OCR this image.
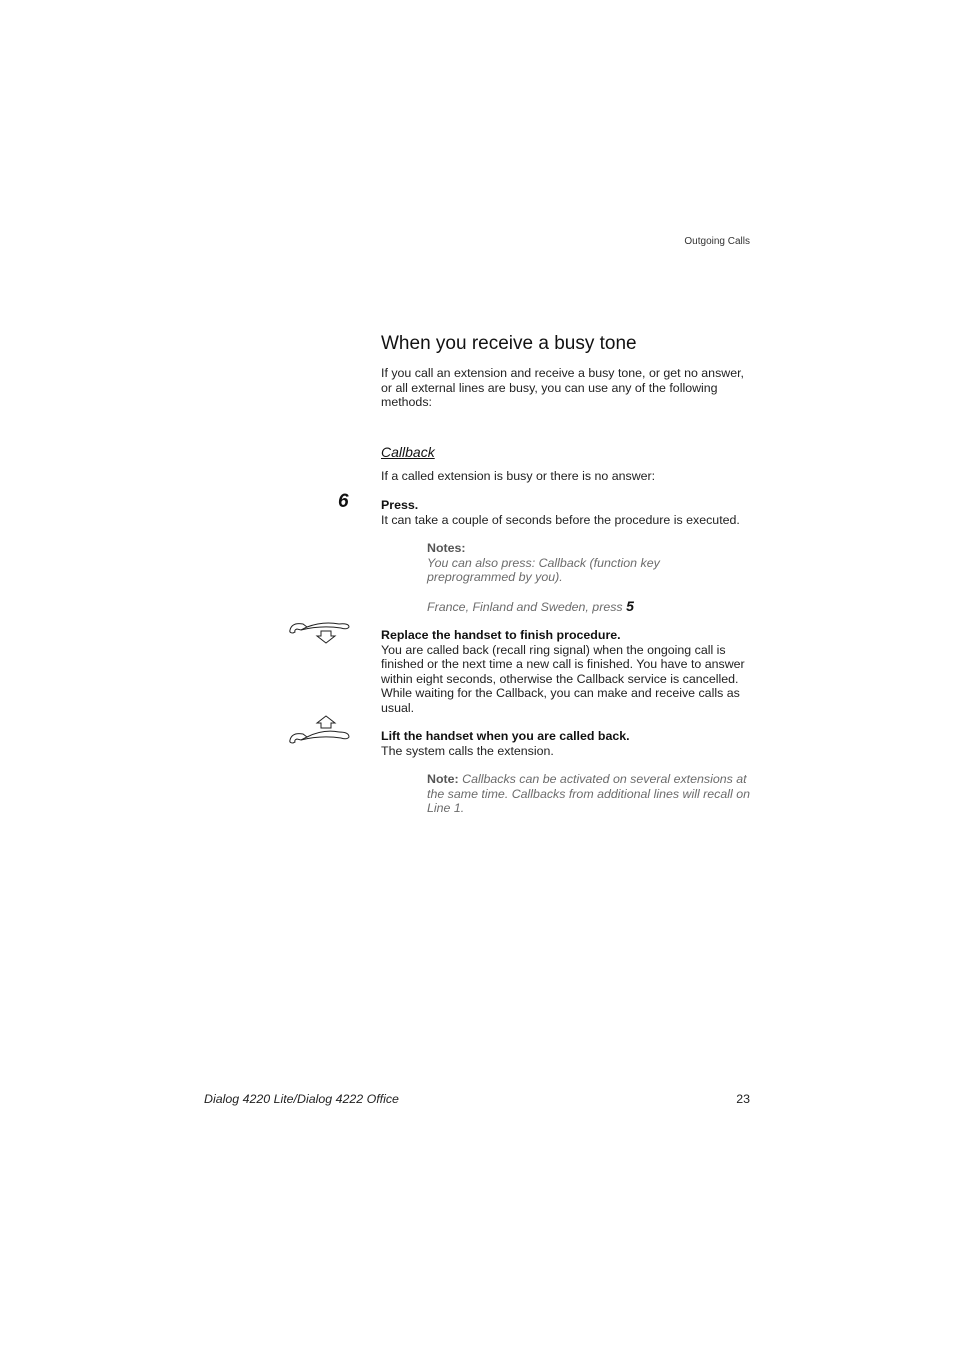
Outgoing Calls
When you receive a busy tone
If you call an extension and receive a busy tone, or get no answer, or all external lines are busy, you can use any of the following methods:
Callback
If a called extension is busy or there is no answer:
6	Press.
It can take a couple of seconds before the procedure is executed.
Notes:
You can also press: Callback (function key preprogrammed by you).
France, Finland and Sweden, press 5
Replace the handset to finish procedure.
You are called back (recall ring signal) when the ongoing call is finished or the next time a new call is finished. You have to answer within eight seconds, otherwise the Callback service is cancelled. While waiting for the Callback, you can make and receive calls as usual.
Lift the handset when you are called back.
The system calls the extension.
Note: Callbacks can be activated on several extensions at the same time. Callbacks from additional lines will recall on Line 1.
Dialog 4220 Lite/Dialog 4222 Office	23
